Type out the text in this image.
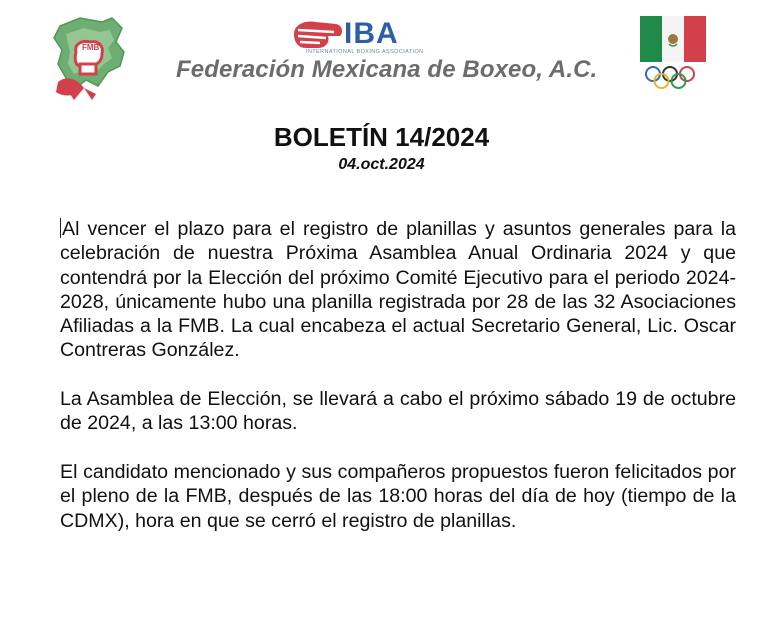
FMB	IBA
INTERNATIONAL BOXING ASSOCIATION
Federación Mexicana de Boxeo, A.C.
BOLETÍN 14/2024
04.oct.2024

Al vencer el plazo para el registro de planillas y asuntos generales para la celebración de nuestra Próxima Asamblea Anual Ordinaria 2024 y que contendrá por la Elección del próximo Comité Ejecutivo para el periodo 2024-2028, únicamente hubo una planilla registrada por 28 de las 32 Asociaciones Afiliadas a la FMB. La cual encabeza el actual Secretario General, Lic. Oscar Contreras González.

La Asamblea de Elección, se llevará a cabo el próximo sábado 19 de octubre de 2024, a las 13:00 horas.

El candidato mencionado y sus compañeros propuestos fueron felicitados por el pleno de la FMB, después de las 18:00 horas del día de hoy (tiempo de la CDMX), hora en que se cerró el registro de planillas.
